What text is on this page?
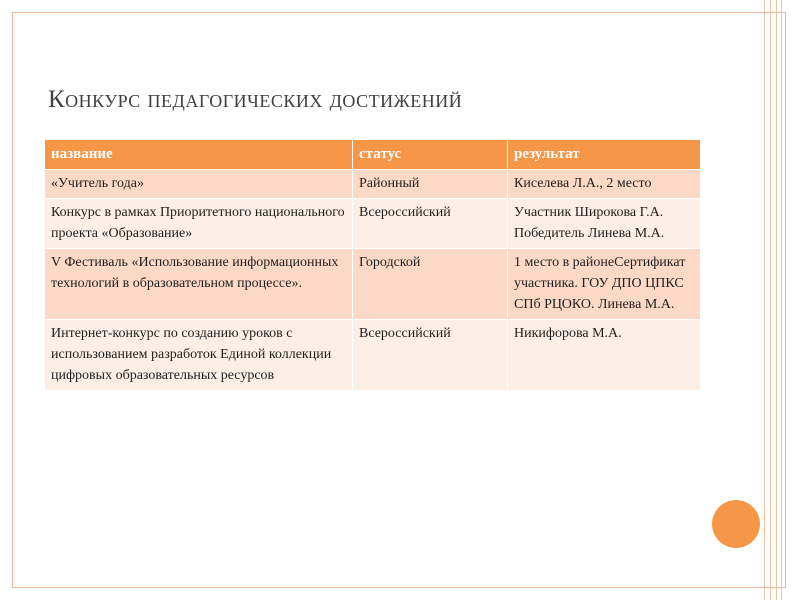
Конкурс педагогических достижений
название	статус	результат
«Учитель года»	Районный	Киселева Л.А., 2 место
Конкурс в рамках Приоритетного национального проекта «Образование»	Всероссийский	Участник Широкова Г.А. Победитель Линева М.А.
V Фестиваль «Использование информационных технологий в образовательном процессе».	Городской	1 место в районеСертификат участника. ГОУ ДПО ЦПКС СПб РЦОКО. Линева М.А.
Интернет-конкурс по созданию уроков с использованием разработок Единой коллекции цифровых образовательных ресурсов	Всероссийский	Никифорова М.А.
